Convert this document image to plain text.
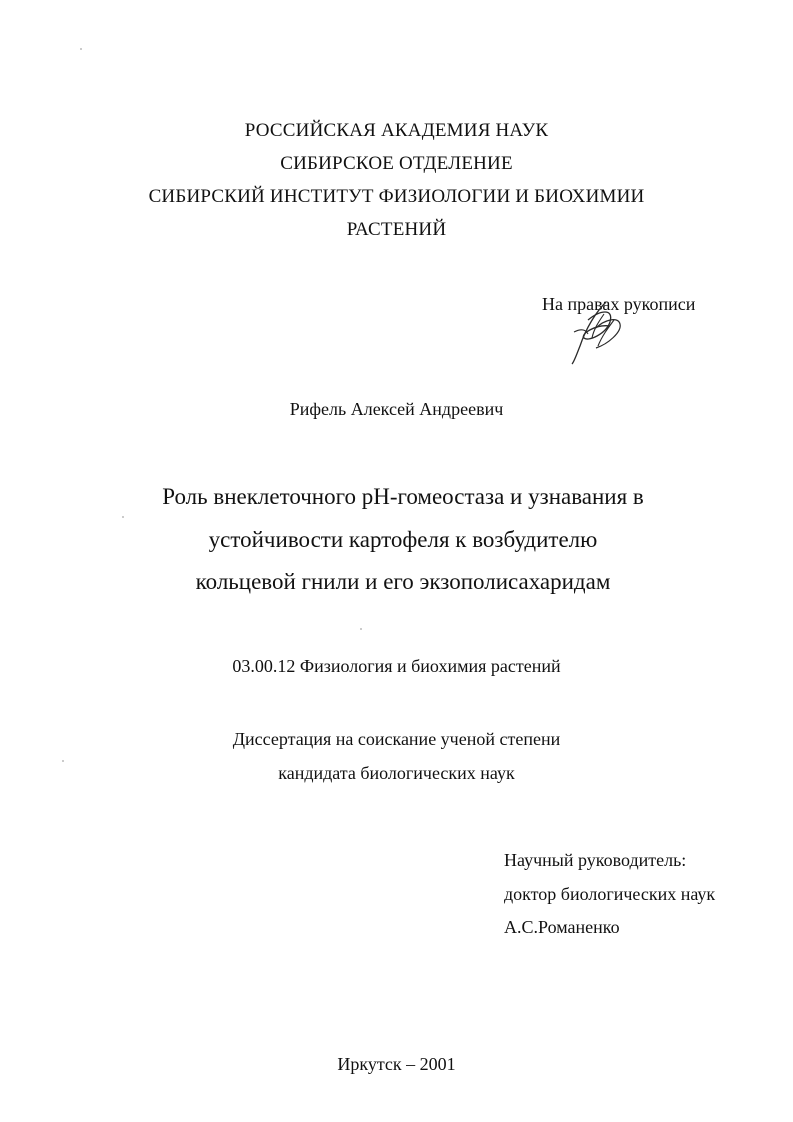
РОССИЙСКАЯ АКАДЕМИЯ НАУК
СИБИРСКОЕ ОТДЕЛЕНИЕ
СИБИРСКИЙ ИНСТИТУТ ФИЗИОЛОГИИ И БИОХИМИИ
РАСТЕНИЙ
На правах рукописи
Рифель Алексей Андреевич
Роль внеклеточного рН-гомеостаза и узнавания в
устойчивости картофеля к возбудителю
кольцевой гнили и его экзополисахаридам
03.00.12 Физиология и биохимия растений
Диссертация на соискание ученой степени
кандидата биологических наук
Научный руководитель:
доктор биологических наук
А.С.Романенко
Иркутск – 2001
